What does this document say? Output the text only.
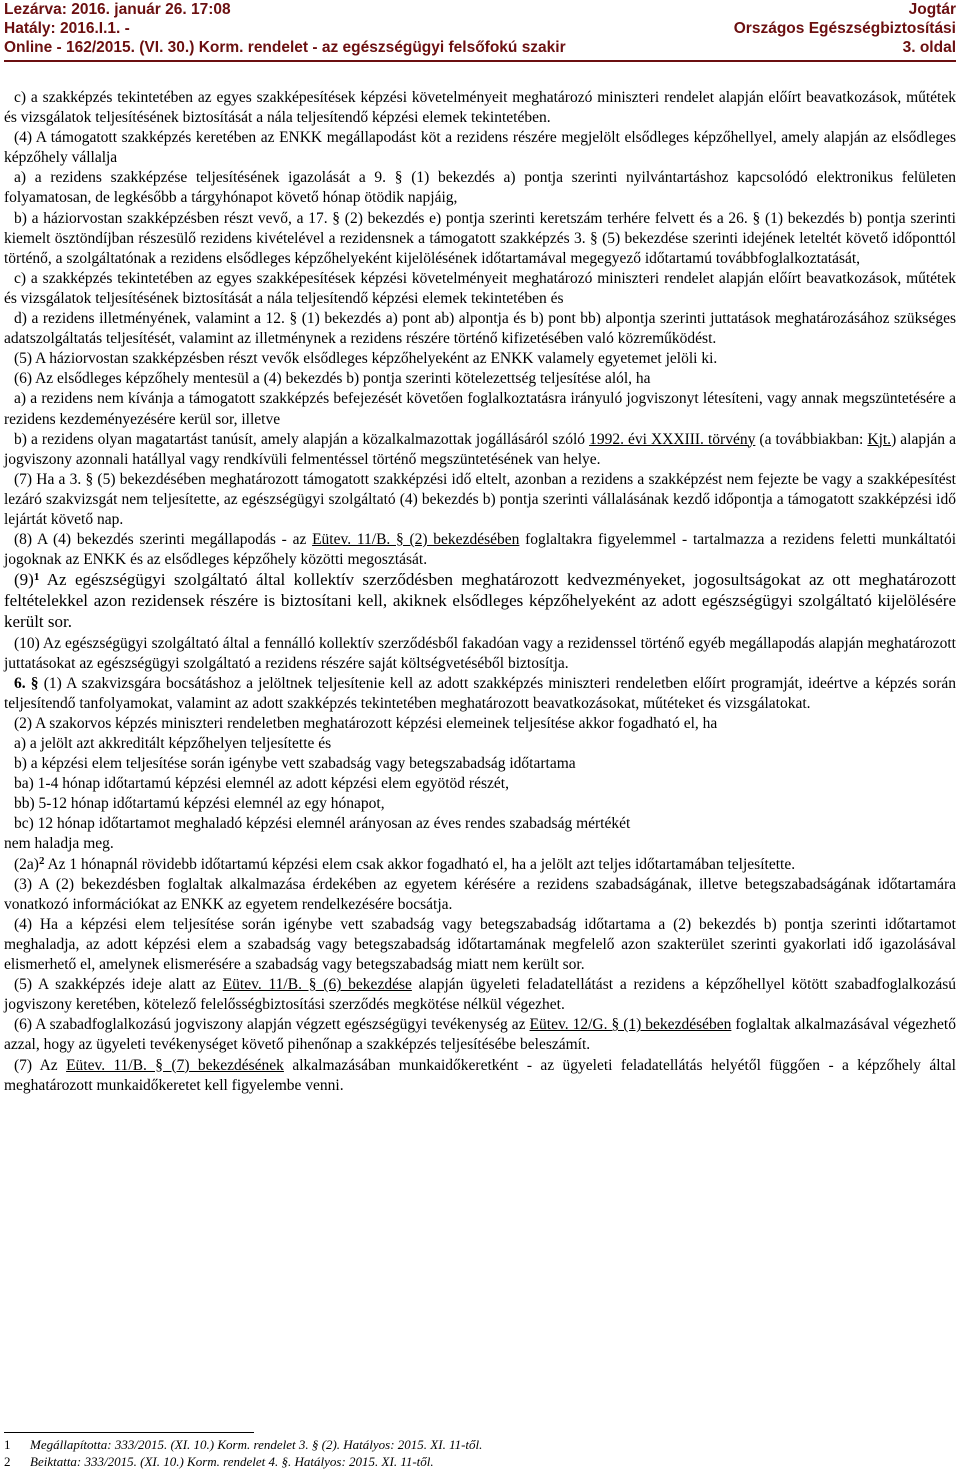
Lezárva: 2016. január 26. 17:08	Jogtár
Hatály: 2016.I.1. -	Országos Egészségbiztosítási
Online - 162/2015. (VI. 30.) Korm. rendelet - az egészségügyi felsőfokú szakir	3. oldal

c) a szakképzés tekintetében az egyes szakképesítések képzési követelményeit meghatározó miniszteri rendelet alapján előírt beavatkozások, műtétek és vizsgálatok teljesítésének biztosítását a nála teljesítendő képzési elemek tekintetében.

(4) A támogatott szakképzés keretében az ENKK megállapodást köt a rezidens részére megjelölt elsődleges képzőhellyel, amely alapján az elsődleges képzőhely vállalja

a) a rezidens szakképzése teljesítésének igazolását a 9. § (1) bekezdés a) pontja szerinti nyilvántartáshoz kapcsolódó elektronikus felületen folyamatosan, de legkésőbb a tárgyhónapot követő hónap ötödik napjáig,

b) a háziorvostan szakképzésben részt vevő, a 17. § (2) bekezdés e) pontja szerinti keretszám terhére felvett és a 26. § (1) bekezdés b) pontja szerinti kiemelt ösztöndíjban részesülő rezidens kivételével a rezidensnek a támogatott szakképzés 3. § (5) bekezdése szerinti idejének leteltét követő időponttól történő, a szolgáltatónak a rezidens elsődleges képzőhelyeként kijelölésének időtartamával megegyező időtartamú továbbfoglalkoztatását,

c) a szakképzés tekintetében az egyes szakképesítések képzési követelményeit meghatározó miniszteri rendelet alapján előírt beavatkozások, műtétek és vizsgálatok teljesítésének biztosítását a nála teljesítendő képzési elemek tekintetében és

d) a rezidens illetményének, valamint a 12. § (1) bekezdés a) pont ab) alpontja és b) pont bb) alpontja szerinti juttatások meghatározásához szükséges adatszolgáltatás teljesítését, valamint az illetménynek a rezidens részére történő kifizetésében való közreműködést.

(5) A háziorvostan szakképzésben részt vevők elsődleges képzőhelyeként az ENKK valamely egyetemet jelöli ki.

(6) Az elsődleges képzőhely mentesül a (4) bekezdés b) pontja szerinti kötelezettség teljesítése alól, ha

a) a rezidens nem kívánja a támogatott szakképzés befejezését követően foglalkoztatásra irányuló jogviszonyt létesíteni, vagy annak megszüntetésére a rezidens kezdeményezésére kerül sor, illetve

b) a rezidens olyan magatartást tanúsít, amely alapján a közalkalmazottak jogállásáról szóló 1992. évi XXXIII. törvény (a továbbiakban: Kjt.) alapján a jogviszony azonnali hatállyal vagy rendkívüli felmentéssel történő megszüntetésének van helye.

(7) Ha a 3. § (5) bekezdésében meghatározott támogatott szakképzési idő eltelt, azonban a rezidens a szakképzést nem fejezte be vagy a szakképesítést lezáró szakvizsgát nem teljesítette, az egészségügyi szolgáltató (4) bekezdés b) pontja szerinti vállalásának kezdő időpontja a támogatott szakképzési idő lejártát követő nap.

(8) A (4) bekezdés szerinti megállapodás - az Eütev. 11/B. § (2) bekezdésében foglaltakra figyelemmel - tartalmazza a rezidens feletti munkáltatói jogoknak az ENKK és az elsődleges képzőhely közötti megosztását.

$(9)^1$ Az egészségügyi szolgáltató által kollektív szerződésben meghatározott kedvezményeket, jogosultságokat az ott meghatározott feltételekkel azon rezidensek részére is biztosítani kell, akiknek elsődleges képzőhelyeként az adott egészségügyi szolgáltató kijelölésére került sor.

(10) Az egészségügyi szolgáltató által a fennálló kollektív szerződésből fakadóan vagy a rezidenssel történő egyéb megállapodás alapján meghatározott juttatásokat az egészségügyi szolgáltató a rezidens részére saját költségvetéséből biztosítja.

6. § (1) A szakvizsgára bocsátáshoz a jelöltnek teljesítenie kell az adott szakképzés miniszteri rendeletben előírt programját, ideértve a képzés során teljesítendő tanfolyamokat, valamint az adott szakképzés tekintetében meghatározott beavatkozásokat, műtéteket és vizsgálatokat.

(2) A szakorvos képzés miniszteri rendeletben meghatározott képzési elemeinek teljesítése akkor fogadható el, ha

a) a jelölt azt akkreditált képzőhelyen teljesítette és

b) a képzési elem teljesítése során igénybe vett szabadság vagy betegszabadság időtartama

ba) 1-4 hónap időtartamú képzési elemnél az adott képzési elem egyötöd részét,

bb) 5-12 hónap időtartamú képzési elemnél az egy hónapot,

bc) 12 hónap időtartamot meghaladó képzési elemnél arányosan az éves rendes szabadság mértékét

nem haladja meg.

$(2a)^2$ Az 1 hónapnál rövidebb időtartamú képzési elem csak akkor fogadható el, ha a jelölt azt teljes időtartamában teljesítette.

(3) A (2) bekezdésben foglaltak alkalmazása érdekében az egyetem kérésére a rezidens szabadságának, illetve betegszabadságának időtartamára vonatkozó információkat az ENKK az egyetem rendelkezésére bocsátja.

(4) Ha a képzési elem teljesítése során igénybe vett szabadság vagy betegszabadság időtartama a (2) bekezdés b) pontja szerinti időtartamot meghaladja, az adott képzési elem a szabadság vagy betegszabadság időtartamának megfelelő azon szakterület szerinti gyakorlati idő igazolásával elismerhető el, amelynek elismerésére a szabadság vagy betegszabadság miatt nem került sor.

(5) A szakképzés ideje alatt az Eütev. 11/B. § (6) bekezdése alapján ügyeleti feladatellátást a rezidens a képzőhellyel kötött szabadfoglalkozású jogviszony keretében, kötelező felelősségbiztosítási szerződés megkötése nélkül végezhet.

(6) A szabadfoglalkozású jogviszony alapján végzett egészségügyi tevékenység az Eütev. 12/G. § (1) bekezdésében foglaltak alkalmazásával végezhető azzal, hogy az ügyeleti tevékenységet követő pihenőnap a szakképzés teljesítésébe beleszámít.

(7) Az Eütev. 11/B. § (7) bekezdésének alkalmazásában munkaidőkeretként - az ügyeleti feladatellátás helyétől függően - a képzőhely által meghatározott munkaidőkeretet kell figyelembe venni.

1	Megállapította: 333/2015. (XI. 10.) Korm. rendelet 3. § (2). Hatályos: 2015. XI. 11-től.
2	Beiktatta: 333/2015. (XI. 10.) Korm. rendelet 4. §. Hatályos: 2015. XI. 11-től.
